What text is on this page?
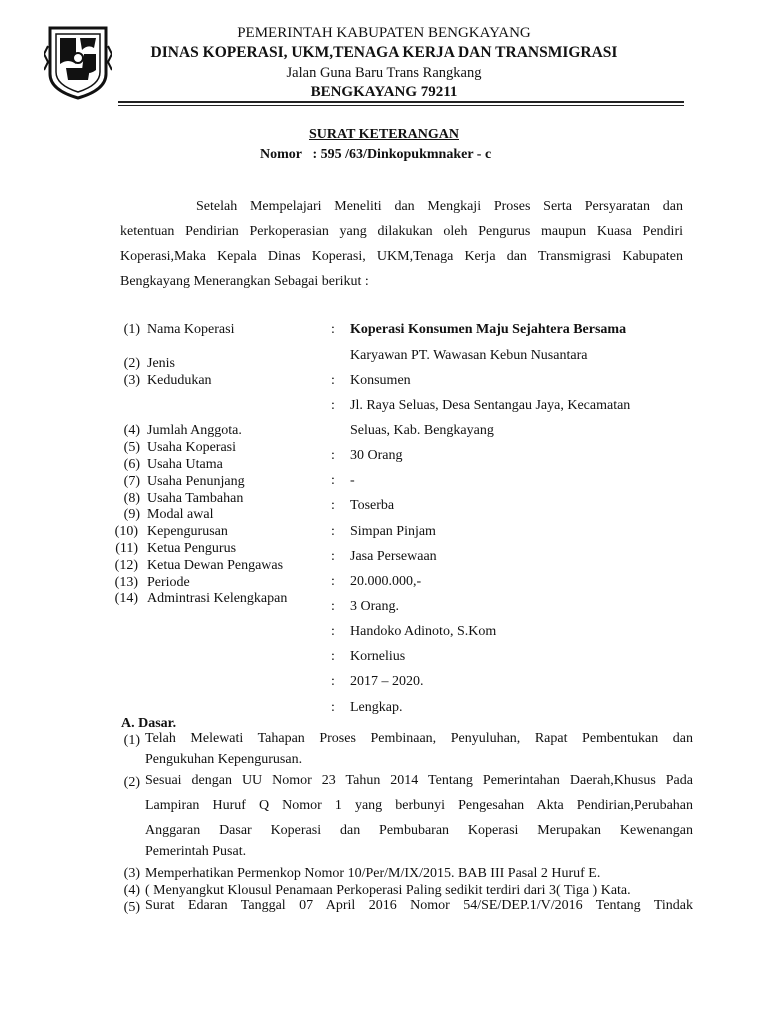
PEMERINTAH KABUPATEN BENGKAYANG
DINAS KOPERASI, UKM,TENAGA KERJA DAN TRANSMIGRASI
Jalan Guna Baru Trans Rangkang
BENGKAYANG 79211
SURAT KETERANGAN
Nomor : 595 /63/Dinkopukmnaker - c
Setelah Mempelajari Meneliti dan Mengkaji Proses Serta Persyaratan dan
ketentuan Pendirian Perkoperasian yang dilakukan oleh Pengurus maupun Kuasa Pendiri
Koperasi,Maka Kepala Dinas Koperasi, UKM,Tenaga Kerja dan Transmigrasi Kabupaten
Bengkayang Menerangkan Sebagai berikut :
(1) Nama Koperasi
(2) Jenis
(3) Kedudukan
(4) Jumlah Anggota.
(5) Usaha Koperasi
(6) Usaha Utama
(7) Usaha Penunjang
(8) Usaha Tambahan
(9) Modal awal
(10) Kepengurusan
(11) Ketua Pengurus
(12) Ketua Dewan Pengawas
(13) Periode
(14) Admintrasi Kelengkapan
: Koperasi Konsumen Maju Sejahtera Bersama
Karyawan PT. Wawasan Kebun Nusantara
: Konsumen
: Jl. Raya Seluas, Desa Sentangau Jaya, Kecamatan
Seluas, Kab. Bengkayang
: 30 Orang
: -
: Toserba
: Simpan Pinjam
: Jasa Persewaan
: 20.000.000,-
: 3 Orang.
: Handoko Adinoto, S.Kom
: Kornelius
: 2017 – 2020.
: Lengkap.
A. Dasar.
(1) Telah Melewati Tahapan Proses Pembinaan, Penyuluhan, Rapat Pembentukan dan
Pengukuhan Kepengurusan.
(2) Sesuai dengan UU Nomor 23 Tahun 2014 Tentang Pemerintahan Daerah,Khusus Pada
Lampiran Huruf Q Nomor 1 yang berbunyi Pengesahan Akta Pendirian,Perubahan
Anggaran Dasar Koperasi dan Pembubaran Koperasi Merupakan Kewenangan
Pemerintah Pusat.
(3) Memperhatikan Permenkop Nomor 10/Per/M/IX/2015. BAB III Pasal 2 Huruf E.
(4) ( Menyangkut Klousul Penamaan Perkoperasi Paling sedikit terdiri dari 3( Tiga ) Kata.
(5) Surat Edaran Tanggal 07 April 2016 Nomor 54/SE/DEP.1/V/2016 Tentang Tindak
